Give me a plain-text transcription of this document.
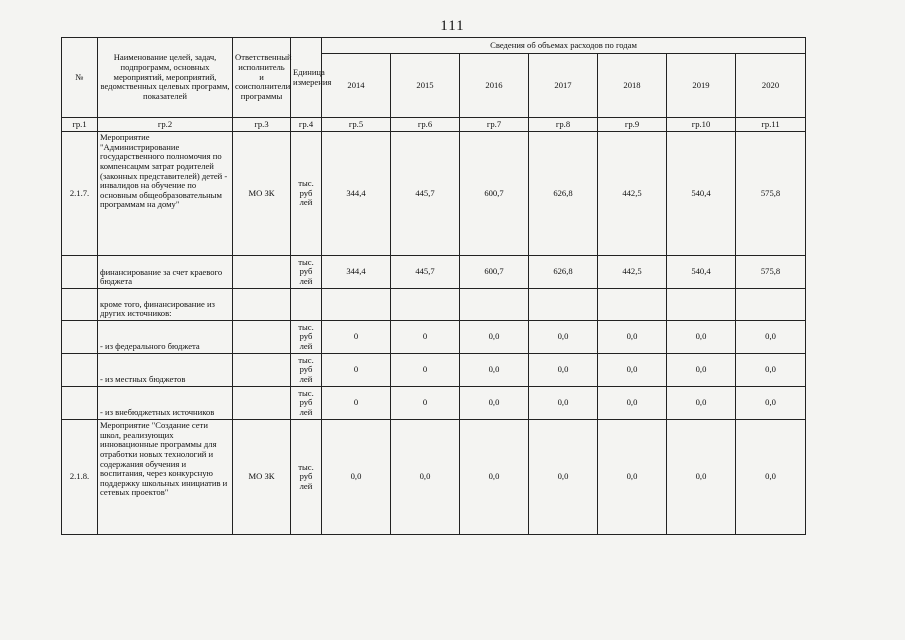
111
№	Наименование целей, задач, подпрограмм, основных мероприятий, мероприятий, ведомственных целевых программ, показателей	Ответственный исполнитель и соисполнители программы	Единица измерения	Сведения об объемах расходов по годам						
				2014	2015	2016	2017	2018	2019	2020
гр.1	гр.2	гр.3	гр.4	гр.5	гр.6	гр.7	гр.8	гр.9	гр.10	гр.11
2.1.7.	Мероприятие "Администрирование государственного полномочия по компенсацмм затрат родителей (законных представителей) детей - инвалидов на обучение по основным общеобразовательным программам на дому"	МО ЗК	тыс. руб лей	344,4	445,7	600,7	626,8	442,5	540,4	575,8
	финансирование за счет краевого бюджета		тыс. руб лей	344,4	445,7	600,7	626,8	442,5	540,4	575,8
	кроме того, финансирование из других источников:									
	- из федерального бюджета		тыс. руб лей	0	0	0,0	0,0	0,0	0,0	0,0
	- из местных бюджетов		тыс. руб лей	0	0	0,0	0,0	0,0	0,0	0,0
	- из внебюджетных источников		тыс. руб лей	0	0	0,0	0,0	0,0	0,0	0,0
2.1.8.	Мероприятие "Создание сети школ, реализующих инновационные программы для отработки новых технологий и содержания обучения и воспитания, через конкурсную поддержку школьных инициатив и сетевых проектов"	МО ЗК	тыс. руб лей	0,0	0,0	0,0	0,0	0,0	0,0	0,0
